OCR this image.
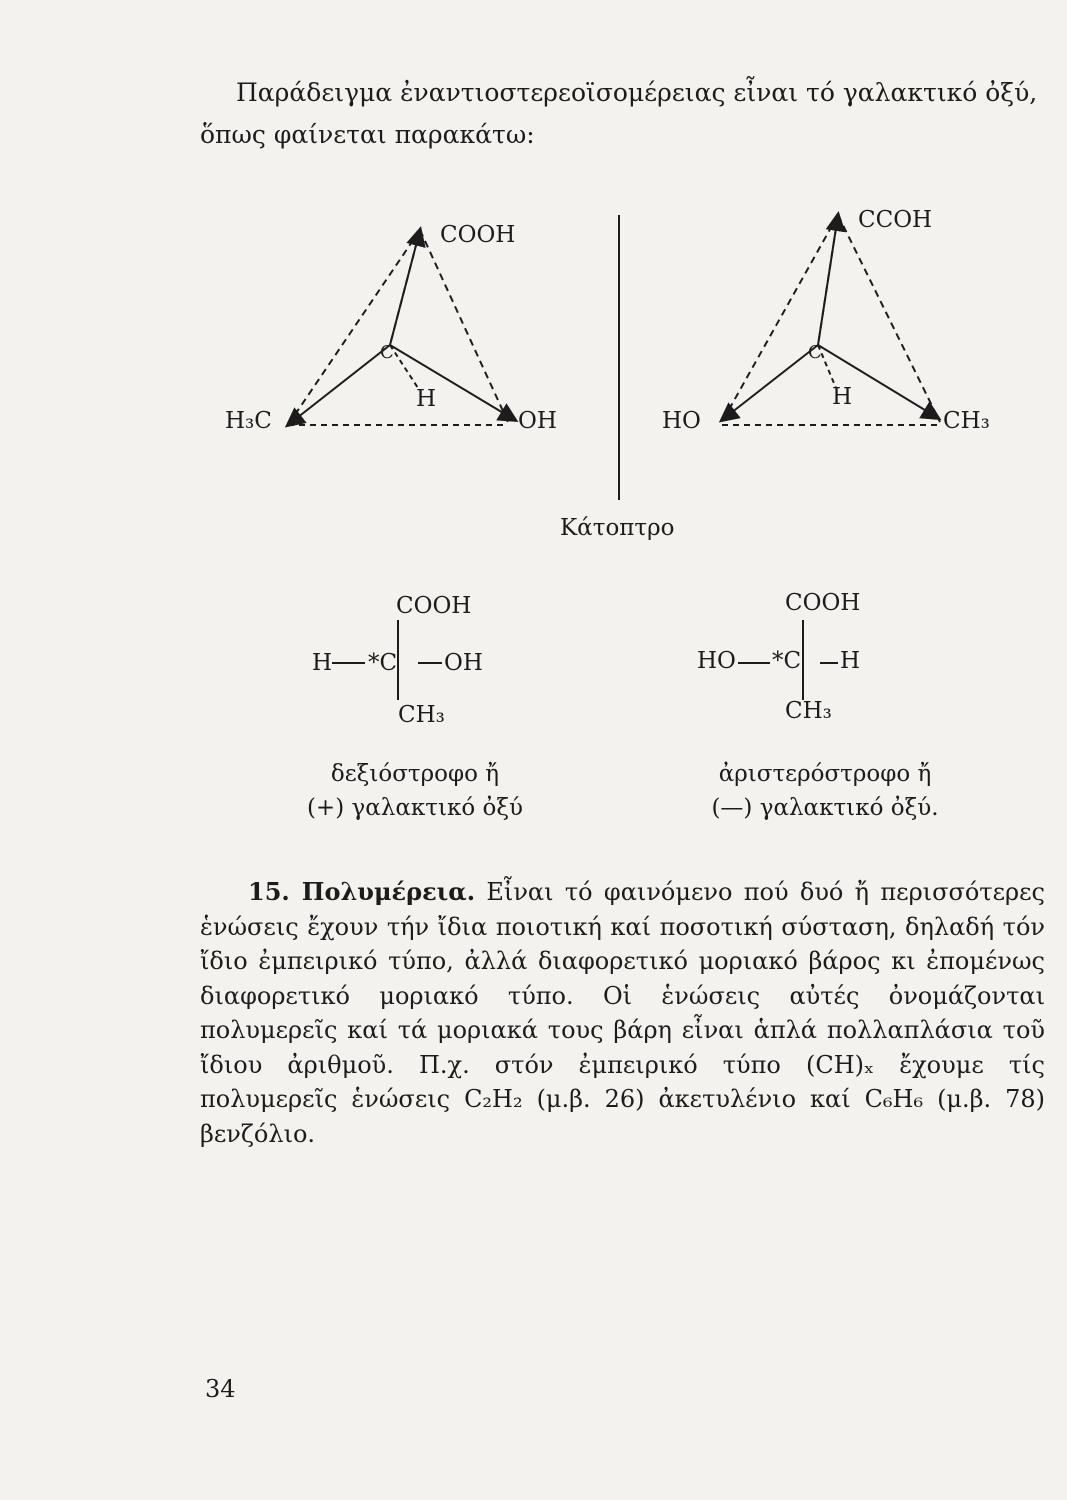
Παράδειγμα ἐναντιοστερεοϊσομέρειας εἶναι τό γαλακτικό ὀξύ,
ὅπως φαίνεται παρακάτω:
COOH
C
H
H₃C	OH
CCOH
C
H
HO	CH₃
Κάτοπτρο
COOH
H *C OH
CH₃
COOH
HO *C H
CH₃
δεξιόστροφο ἤ
(+) γαλακτικό ὀξύ
ἀριστερόστροφο ἤ
(—) γαλακτικό ὀξύ.
15. Πολυμέρεια. Εἶναι τό φαινόμενο πού δυό ἤ περισσότερες ἑνώσεις ἔχουν τήν ἴδια ποιοτική καί ποσοτική σύσταση, δηλαδή τόν ἴδιο ἐμπειρικό τύπο, ἀλλά διαφορετικό μοριακό βάρος κι ἐπομένως διαφορετικό μοριακό τύπο. Οἱ ἑνώσεις αὐτές ὀνομάζονται πολυμερεῖς καί τά μοριακά τους βάρη εἶναι ἁπλά πολλαπλάσια τοῦ ἴδιου ἀριθμοῦ. Π.χ. στόν ἐμπειρικό τύπο (CH)ₓ ἔχουμε τίς πολυμερεῖς ἑνώσεις C₂H₂ (μ.β. 26) ἀκετυλένιο καί C₆H₆ (μ.β. 78) βενζόλιο.
34
